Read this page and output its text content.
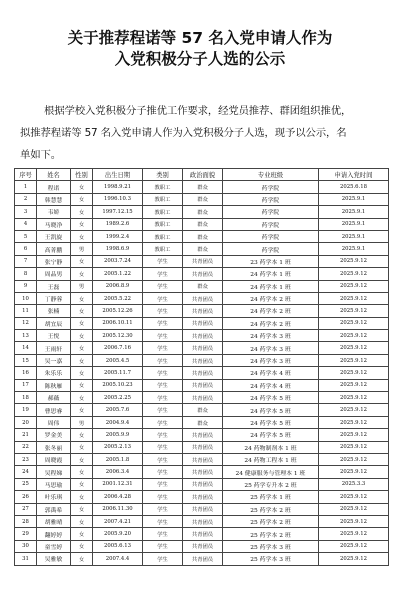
关于推荐程诺等 57 名入党申请人作为
入党积极分子人选的公示
根据学校入党积极分子推优工作要求，经党员推荐、群团组织推优，
拟推荐程诺等 57 名入党申请人作为入党积极分子人选，现予以公示，名
单如下。
序号	姓名	性别	出生日期	类别	政治面貌	专业班级	申请入党时间
1	程诺	女	1998.9.21	教职工	群众	药学院	2025.6.18
2	韩慧慧	女	1996.10.3	教职工	群众	药学院	2025.9.1
3	韦娇	女	1997.12.15	教职工	群众	药学院	2025.9.1
4	马晓净	女	1989.2.6	教职工	群众	药学院	2025.9.1
5	王凯旋	女	1999.2.4	教职工	群众	药学院	2025.9.1
6	高菁鹏	男	1998.6.9	教职工	群众	药学院	2025.9.1
7	张宁静	女	2003.7.24	学生	共青团员	23 药学本 1 班	2025.9.12
8	周品男	女	2005.1.22	学生	共青团员	24 药学本 1 班	2025.9.12
9	王磊	男	2006.8.9	学生	群众	24 药学本 1 班	2025.9.12
10	丁静蓉	女	2005.5.22	学生	共青团员	24 药学本 2 班	2025.9.12
11	张楠	女	2005.12.26	学生	共青团员	24 药学本 2 班	2025.9.12
12	胡宜辰	女	2006.10.11	学生	共青团员	24 药学本 2 班	2025.9.12
13	王悦	女	2005.12.30	学生	共青团员	24 药学本 3 班	2025.9.12
14	王雨轩	女	2006.7.16	学生	共青团员	24 药学本 3 班	2025.9.12
15	吴一嘉	女	2005.4.5	学生	共青团员	24 药学本 3 班	2025.9.12
16	朱乐乐	女	2005.11.7	学生	共青团员	24 药学本 4 班	2025.9.12
17	陈秋雁	女	2005.10.23	学生	共青团员	24 药学本 4 班	2025.9.12
18	郝薇	女	2005.2.25	学生	共青团员	24 药学本 5 班	2025.9.12
19	曹思睿	女	2005.7.6	学生	群众	24 药学本 5 班	2025.9.12
20	周伟	男	2004.9.4	学生	群众	24 药学本 5 班	2025.9.12
21	罗金美	女	2005.9.9	学生	共青团员	24 药学本 5 班	2025.9.12
22	张冬丽	女	2005.2.13	学生	共青团员	24 药物制剂本 1 班	2025.9.12
23	周晓霞	女	2005.1.8	学生	共青团员	24 药物工程本 1 班	2025.9.12
24	吴程娣	女	2006.3.4	学生	共青团员	24 健康服务与管理本 1 班	2025.9.12
25	马思瑜	女	2001.12.31	学生	共青团员	25 药学专升本 2 班	2025.3.3
26	叶乐琪	女	2006.4.28	学生	共青团员	25 药学本 1 班	2025.9.12
27	郭禹希	女	2006.11.30	学生	共青团员	25 药学本 2 班	2025.9.12
28	胡雅晴	女	2007.4.21	学生	共青团员	25 药学本 2 班	2025.9.12
29	翻婷婷	女	2005.9.20	学生	共青团员	25 药学本 2 班	2025.9.12
30	童雪婷	女	2005.6.13	学生	共青团员	25 药学本 3 班	2025.9.12
31	吴雅敏	女	2007.4.4	学生	共青团员	25 药学本 3 班	2025.9.12
